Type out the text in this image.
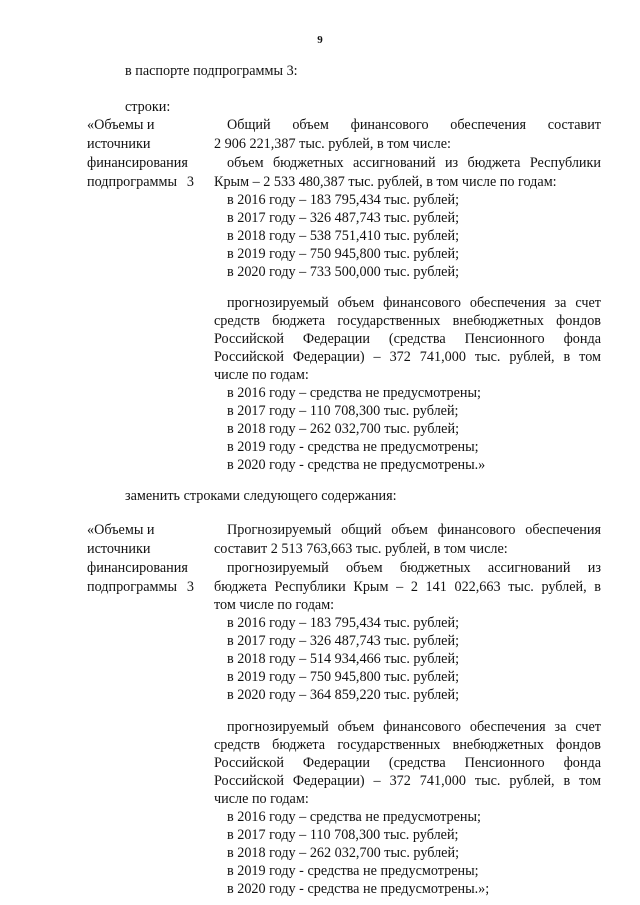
9
в паспорте подпрограммы 3:
строки:
«Объемы и
источники
финансирования
подпрограммы 3
Общий объем финансового обеспечения составит
2 906 221,387 тыс. рублей, в том числе:
объем бюджетных ассигнований из бюджета Республики
Крым – 2 533 480,387 тыс. рублей, в том числе по годам:
в 2016 году – 183 795,434 тыс. рублей;
в 2017 году – 326 487,743 тыс. рублей;
в 2018 году – 538 751,410 тыс. рублей;
в 2019 году – 750 945,800 тыс. рублей;
в 2020 году – 733 500,000 тыс. рублей;
прогнозируемый объем финансового обеспечения за счет
средств бюджета государственных внебюджетных фондов
Российской Федерации (средства Пенсионного фонда
Российской Федерации) – 372 741,000 тыс. рублей, в том
числе по годам:
в 2016 году – средства не предусмотрены;
в 2017 году – 110 708,300 тыс. рублей;
в 2018 году – 262 032,700 тыс. рублей;
в 2019 году - средства не предусмотрены;
в 2020 году - средства не предусмотрены.»
заменить строками следующего содержания:
«Объемы и
источники
финансирования
подпрограммы 3
Прогнозируемый общий объем финансового обеспечения
составит 2 513 763,663 тыс. рублей, в том числе:
прогнозируемый объем бюджетных ассигнований из
бюджета Республики Крым – 2 141 022,663 тыс. рублей, в
том числе по годам:
в 2016 году – 183 795,434 тыс. рублей;
в 2017 году – 326 487,743 тыс. рублей;
в 2018 году – 514 934,466 тыс. рублей;
в 2019 году – 750 945,800 тыс. рублей;
в 2020 году – 364 859,220 тыс. рублей;
прогнозируемый объем финансового обеспечения за счет
средств бюджета государственных внебюджетных фондов
Российской Федерации (средства Пенсионного фонда
Российской Федерации) – 372 741,000 тыс. рублей, в том
числе по годам:
в 2016 году – средства не предусмотрены;
в 2017 году – 110 708,300 тыс. рублей;
в 2018 году – 262 032,700 тыс. рублей;
в 2019 году - средства не предусмотрены;
в 2020 году - средства не предусмотрены.»;
